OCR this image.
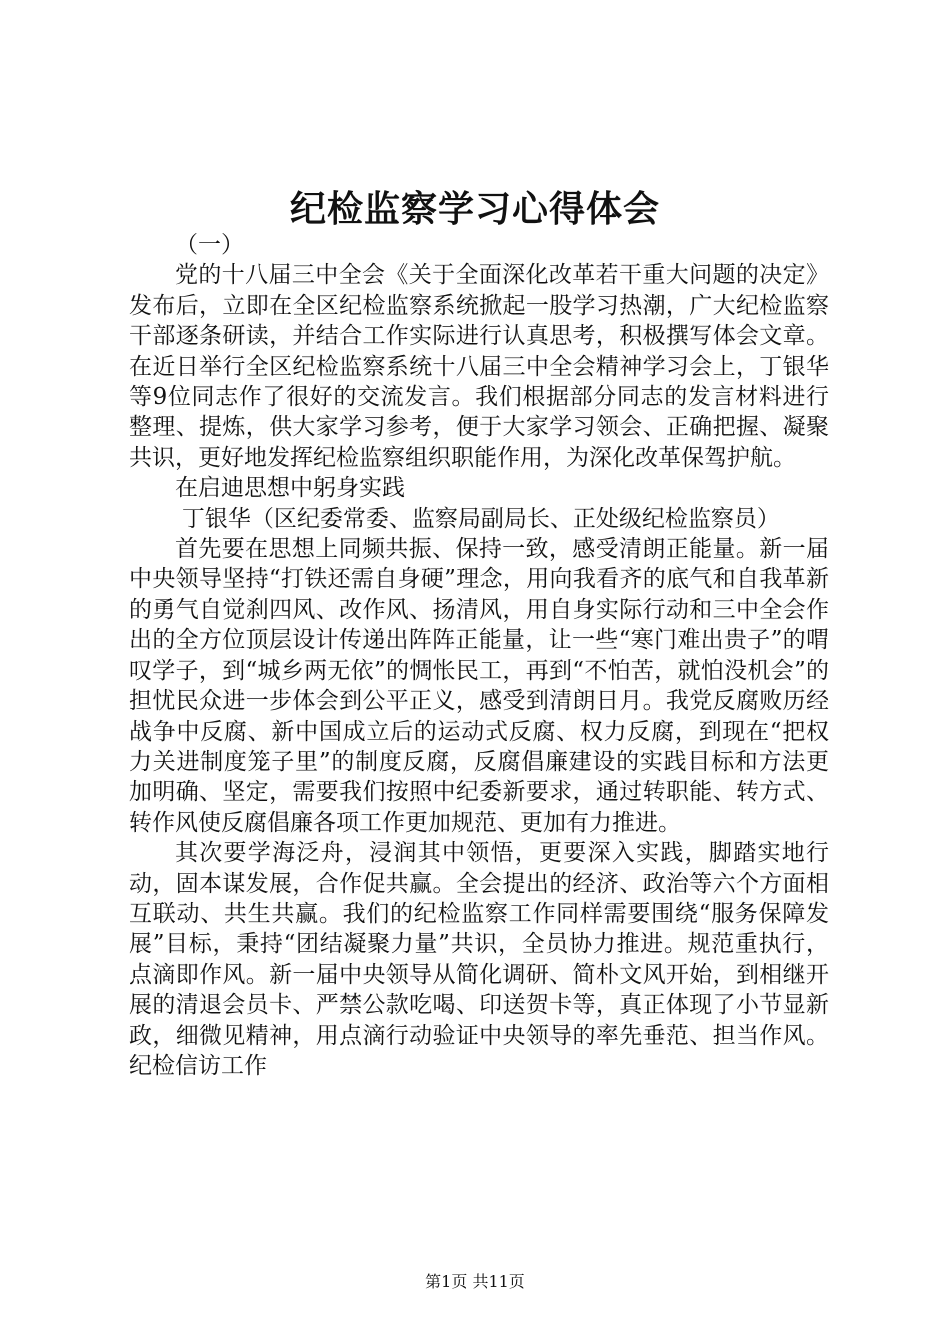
纪检监察学习心得体会

（一）

党的十八届三中全会《关于全面深化改革若干重大问题的决定》发布后，立即在全区纪检监察系统掀起一股学习热潮，广大纪检监察干部逐条研读，并结合工作实际进行认真思考，积极撰写体会文章。在近日举行全区纪检监察系统十八届三中全会精神学习会上，丁银华等9位同志作了很好的交流发言。我们根据部分同志的发言材料进行整理、提炼，供大家学习参考，便于大家学习领会、正确把握、凝聚共识，更好地发挥纪检监察组织职能作用，为深化改革保驾护航。

在启迪思想中躬身实践

丁银华（区纪委常委、监察局副局长、正处级纪检监察员）

首先要在思想上同频共振、保持一致，感受清朗正能量。新一届中央领导坚持“打铁还需自身硬”理念，用向我看齐的底气和自我革新的勇气自觉刹四风、改作风、扬清风，用自身实际行动和三中全会作出的全方位顶层设计传递出阵阵正能量，让一些“寒门难出贵子”的喟叹学子，到“城乡两无依”的惆怅民工，再到“不怕苦，就怕没机会”的担忧民众进一步体会到公平正义，感受到清朗日月。我党反腐败历经战争中反腐、新中国成立后的运动式反腐、权力反腐，到现在“把权力关进制度笼子里”的制度反腐，反腐倡廉建设的实践目标和方法更加明确、坚定，需要我们按照中纪委新要求，通过转职能、转方式、转作风使反腐倡廉各项工作更加规范、更加有力推进。

其次要学海泛舟，浸润其中领悟，更要深入实践，脚踏实地行动，固本谋发展，合作促共赢。全会提出的经济、政治等六个方面相互联动、共生共赢。我们的纪检监察工作同样需要围绕“服务保障发展”目标，秉持“团结凝聚力量”共识，全员协力推进。规范重执行，点滴即作风。新一届中央领导从简化调研、简朴文风开始，到相继开展的清退会员卡、严禁公款吃喝、印送贺卡等，真正体现了小节显新政，细微见精神，用点滴行动验证中央领导的率先垂范、担当作风。纪检信访工作

第1页 共11页
